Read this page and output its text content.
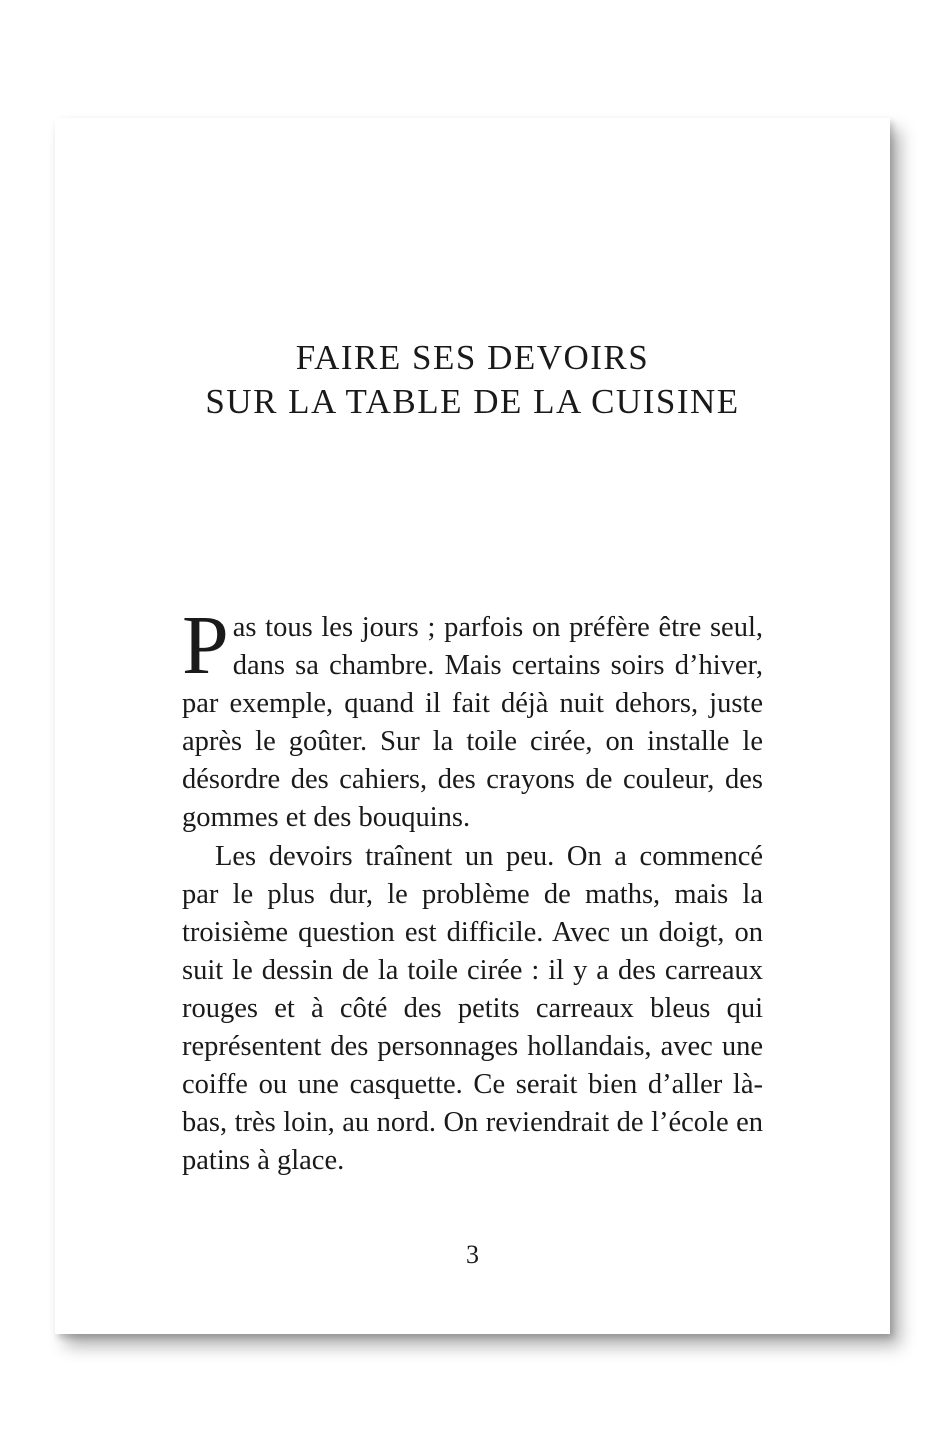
FAIRE SES DEVOIRS
SUR LA TABLE DE LA CUISINE

Pas tous les jours ; parfois on préfère être seul, dans sa chambre. Mais certains soirs d’hiver, par exemple, quand il fait déjà nuit dehors, juste après le goûter. Sur la toile cirée, on installe le désordre des cahiers, des crayons de couleur, des gommes et des bouquins.

Les devoirs traînent un peu. On a commencé par le plus dur, le problème de maths, mais la troisième question est difficile. Avec un doigt, on suit le dessin de la toile cirée : il y a des carreaux rouges et à côté des petits carreaux bleus qui représentent des personnages hollandais, avec une coiffe ou une casquette. Ce serait bien d’aller là-bas, très loin, au nord. On reviendrait de l’école en patins à glace.

3
